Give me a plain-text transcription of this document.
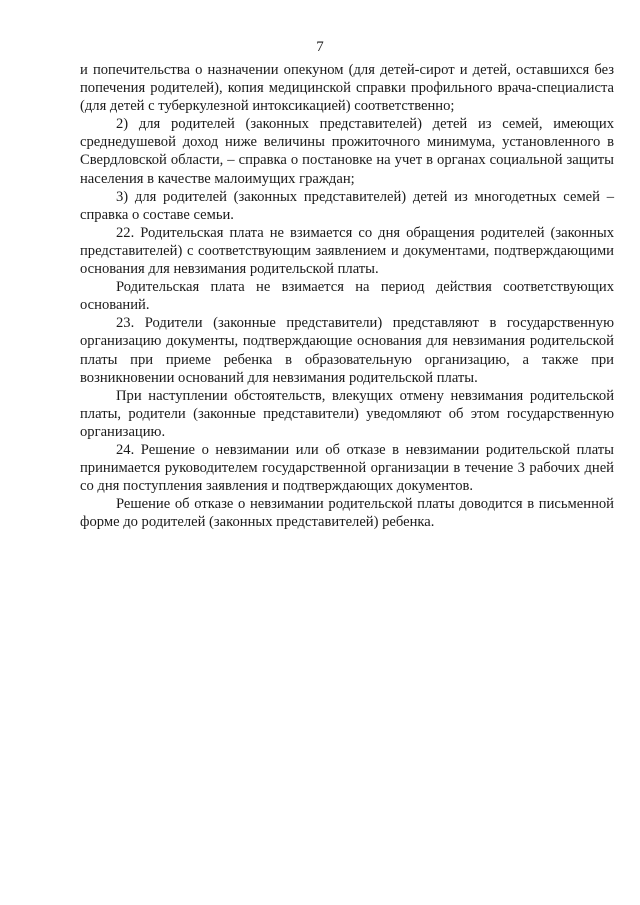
7

и попечительства о назначении опекуном (для детей-сирот и детей, оставшихся без попечения родителей), копия медицинской справки профильного врача-специалиста (для детей с туберкулезной интоксикацией) соответственно;

2) для родителей (законных представителей) детей из семей, имеющих среднедушевой доход ниже величины прожиточного минимума, установленного в Свердловской области, – справка о постановке на учет в органах социальной защиты населения в качестве малоимущих граждан;

3) для родителей (законных представителей) детей из многодетных семей – справка о составе семьи.

22. Родительская плата не взимается со дня обращения родителей (законных представителей) с соответствующим заявлением и документами, подтверждающими основания для невзимания родительской платы.

Родительская плата не взимается на период действия соответствующих оснований.

23. Родители (законные представители) представляют в государственную организацию документы, подтверждающие основания для невзимания родительской платы при приеме ребенка в образовательную организацию, а также при возникновении оснований для невзимания родительской платы.

При наступлении обстоятельств, влекущих отмену невзимания родительской платы, родители (законные представители) уведомляют об этом государственную организацию.

24. Решение о невзимании или об отказе в невзимании родительской платы принимается руководителем государственной организации в течение 3 рабочих дней со дня поступления заявления и подтверждающих документов.

Решение об отказе о невзимании родительской платы доводится в письменной форме до родителей (законных представителей) ребенка.
